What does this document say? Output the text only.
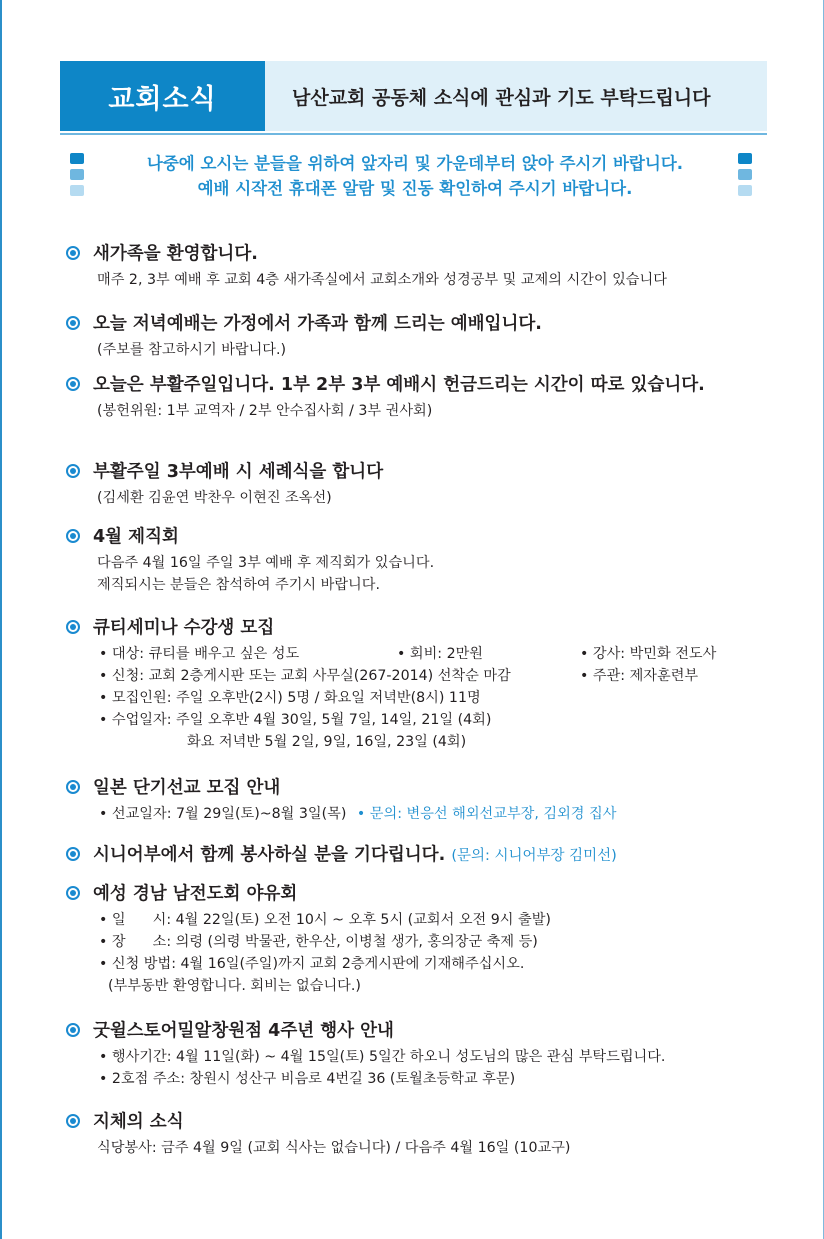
교회소식	남산교회 공동체 소식에 관심과 기도 부탁드립니다
나중에 오시는 분들을 위하여 앞자리 및 가운데부터 앉아 주시기 바랍니다.
예배 시작전 휴대폰 알람 및 진동 확인하여 주시기 바랍니다.
새가족을 환영합니다.
매주 2, 3부 예배 후 교회 4층 새가족실에서 교회소개와 성경공부 및 교제의 시간이 있습니다
오늘 저녁예배는 가정에서 가족과 함께 드리는 예배입니다.
(주보를 참고하시기 바랍니다.)
오늘은 부활주일입니다. 1부 2부 3부 예배시 헌금드리는 시간이 따로 있습니다.
(봉헌위원: 1부 교역자 / 2부 안수집사회 / 3부 권사회)
부활주일 3부예배 시 세례식을 합니다
(김세환 김윤연 박찬우 이현진 조옥선)
4월 제직회
다음주 4월 16일 주일 3부 예배 후 제직회가 있습니다.
제직되시는 분들은 참석하여 주기시 바랍니다.
큐티세미나 수강생 모집
• 대상: 큐티를 배우고 싶은 성도	• 회비: 2만원	• 강사: 박민화 전도사
• 신청: 교회 2층게시판 또는 교회 사무실(267-2014) 선착순 마감	• 주관: 제자훈련부
• 모집인원: 주일 오후반(2시) 5명 / 화요일 저녁반(8시) 11명
• 수업일자: 주일 오후반 4월 30일, 5월 7일, 14일, 21일 (4회)
화요 저녁반 5월 2일, 9일, 16일, 23일 (4회)
일본 단기선교 모집 안내
• 선교일자: 7월 29일(토)~8월 3일(목) • 문의: 변응선 해외선교부장, 김외경 집사
시니어부에서 함께 봉사하실 분을 기다립니다. (문의: 시니어부장 김미선)
예성 경남 남전도회 야유회
• 일      시: 4월 22일(토) 오전 10시 ~ 오후 5시 (교회서 오전 9시 출발)
• 장      소: 의령 (의령 박물관, 한우산, 이병철 생가, 홍의장군 축제 등)
• 신청 방법: 4월 16일(주일)까지 교회 2층게시판에 기재해주십시오.
(부부동반 환영합니다. 회비는 없습니다.)
굿윌스토어밀알창원점 4주년 행사 안내
• 행사기간: 4월 11일(화) ~ 4월 15일(토) 5일간 하오니 성도님의 많은 관심 부탁드립니다.
• 2호점 주소: 창원시 성산구 비음로 4번길 36 (토월초등학교 후문)
지체의 소식
식당봉사: 금주 4월 9일 (교회 식사는 없습니다) / 다음주 4월 16일 (10교구)
